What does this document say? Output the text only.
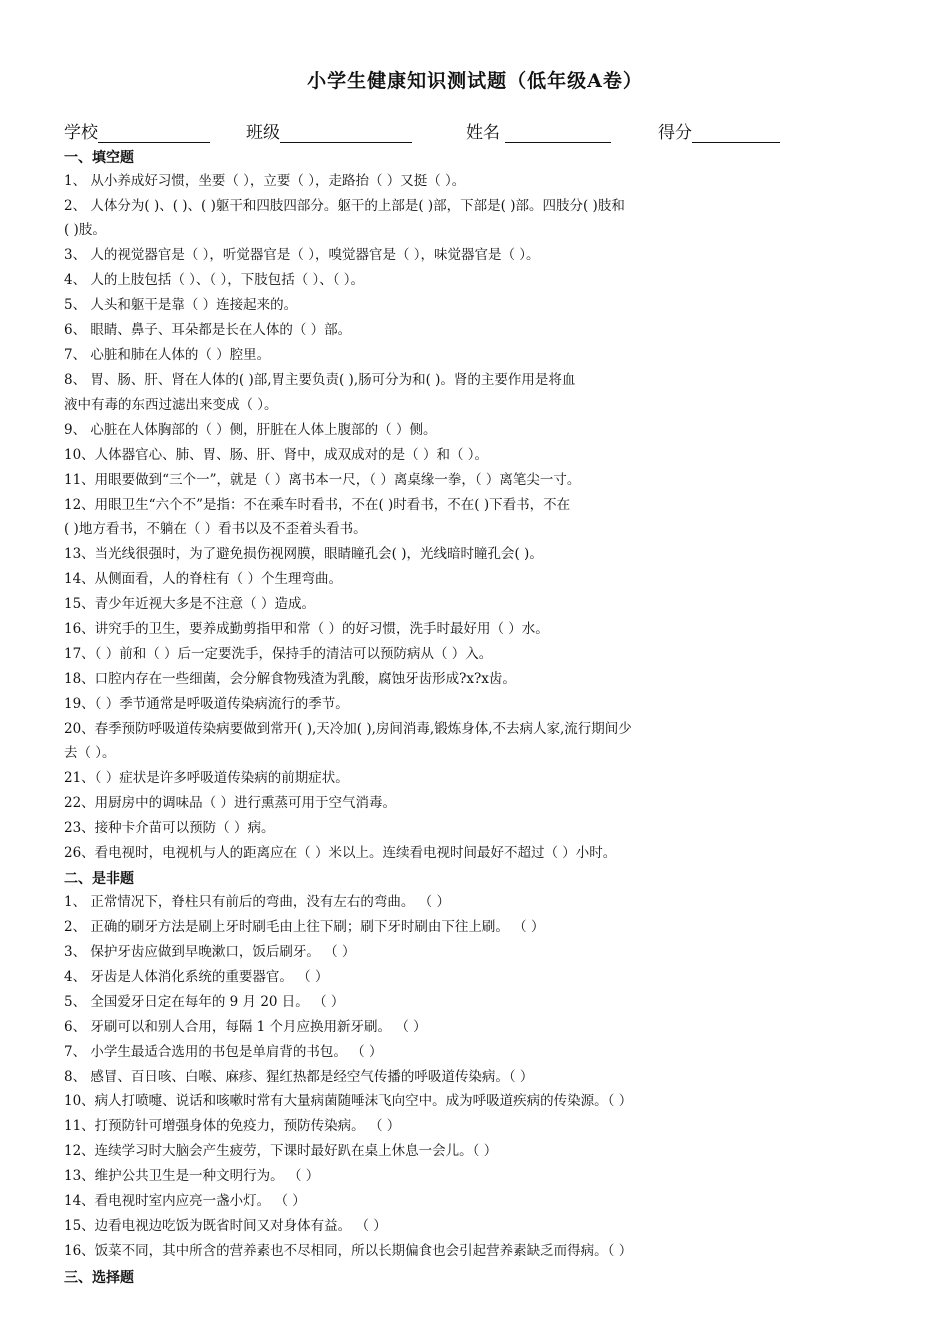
小学生健康知识测试题（低年级A卷）
学校	班级	姓名	得分
一、填空题
1、 从小养成好习惯，坐要（ ），立要（ ），走路抬（ ）又挺（ ）。
2、 人体分为( )、( )、( )躯干和四肢四部分。躯干的上部是( )部，下部是( )部。四肢分( )肢和
( )肢。
3、 人的视觉器官是（ ），听觉器官是（ ），嗅觉器官是（ ），味觉器官是（ ）。
4、 人的上肢包括（ ）、（ ），下肢包括（ ）、（ ）。
5、 人头和躯干是靠（ ）连接起来的。
6、 眼睛、鼻子、耳朵都是长在人体的（ ）部。
7、 心脏和肺在人体的（ ）腔里。
8、 胃、肠、肝、肾在人体的( )部,胃主要负责( ),肠可分为和( )。肾的主要作用是将血
液中有毒的东西过滤出来变成（ ）。
9、 心脏在人体胸部的（ ）侧，肝脏在人体上腹部的（ ）侧。
10、人体器官心、肺、胃、肠、肝、肾中，成双成对的是（ ）和（ ）。
11、用眼要做到“三个一”，就是（ ）离书本一尺，（ ）离桌缘一拳，（ ）离笔尖一寸。
12、用眼卫生“六个不”是指：不在乘车时看书，不在( )时看书，不在( )下看书，不在
( )地方看书，不躺在（ ）看书以及不歪着头看书。
13、当光线很强时，为了避免损伤视网膜，眼睛瞳孔会( )，光线暗时瞳孔会( )。
14、从侧面看，人的脊柱有（ ）个生理弯曲。
15、青少年近视大多是不注意（ ）造成。
16、讲究手的卫生，要养成勤剪指甲和常（ ）的好习惯，洗手时最好用（ ）水。
17、（ ）前和（ ）后一定要洗手，保持手的清洁可以预防病从（ ）入。
18、口腔内存在一些细菌，会分解食物残渣为乳酸，腐蚀牙齿形成?x?x齿。
19、（ ）季节通常是呼吸道传染病流行的季节。
20、春季预防呼吸道传染病要做到常开( ),天冷加( ),房间消毒,锻炼身体,不去病人家,流行期间少
去（ ）。
21、（ ）症状是许多呼吸道传染病的前期症状。
22、用厨房中的调味品（ ）进行熏蒸可用于空气消毒。
23、接种卡介苗可以预防（ ）病。
26、看电视时，电视机与人的距离应在（ ）米以上。连续看电视时间最好不超过（ ）小时。
二、是非题
1、 正常情况下，脊柱只有前后的弯曲，没有左右的弯曲。 （ ）
2、 正确的刷牙方法是刷上牙时刷毛由上往下刷；刷下牙时刷由下往上刷。 （ ）
3、 保护牙齿应做到早晚漱口，饭后刷牙。 （ ）
4、 牙齿是人体消化系统的重要器官。 （ ）
5、 全国爱牙日定在每年的 9 月 20 日。 （ ）
6、 牙刷可以和别人合用，每隔 1 个月应换用新牙刷。 （ ）
7、 小学生最适合选用的书包是单肩背的书包。 （ ）
8、 感冒、百日咳、白喉、麻疹、猩红热都是经空气传播的呼吸道传染病。（ ）
10、病人打喷嚏、说话和咳嗽时常有大量病菌随唾沫飞向空中。成为呼吸道疾病的传染源。（ ）
11、打预防针可增强身体的免疫力，预防传染病。 （ ）
12、连续学习时大脑会产生疲劳，下课时最好趴在桌上休息一会儿。（ ）
13、维护公共卫生是一种文明行为。 （ ）
14、看电视时室内应亮一盏小灯。 （ ）
15、边看电视边吃饭为既省时间又对身体有益。 （ ）
16、饭菜不同，其中所含的营养素也不尽相同，所以长期偏食也会引起营养素缺乏而得病。（ ）
三、选择题
